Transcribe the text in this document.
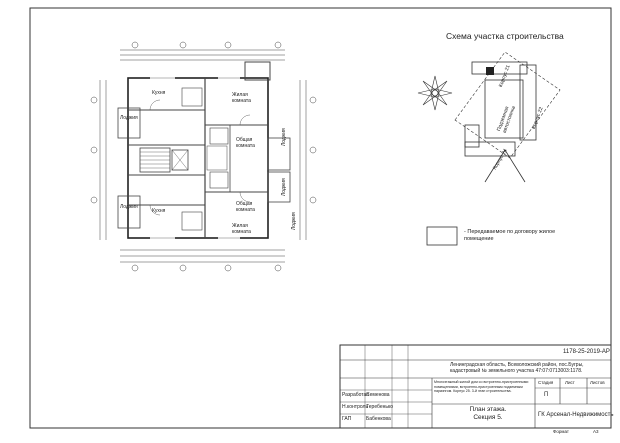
Схема участка строительства
Кухня	Жилая комната
Лоджия
Общая комната
Общая комната
Кухня
Жилая комната
Лоджия
Лоджия
Лоджия
Лоджия
Корпус 21
Подземная автостоянка	Корпус 22
Корпус 24
- Передаваемое по договору жилое помещение
1178-25-2019-АР
Ленинградская область, Всеволожский район, пос.Бугры, кадастровый № земельного участка 47:07:0713003:1178.
Многоэтажный жилой дом со встроенно-пристроенными помещениями, встроенно-пристроенным подземным паркингом. Корпус 25. 3-й этап строительства.
Разработал
Семенова
Н.контроль
Теребенько
ГАП	Бабенкова
Стадия	Лист	Листов
П
План этажа. Секция 5.	ГК Арсенал-Недвижимость
Формат	А3
